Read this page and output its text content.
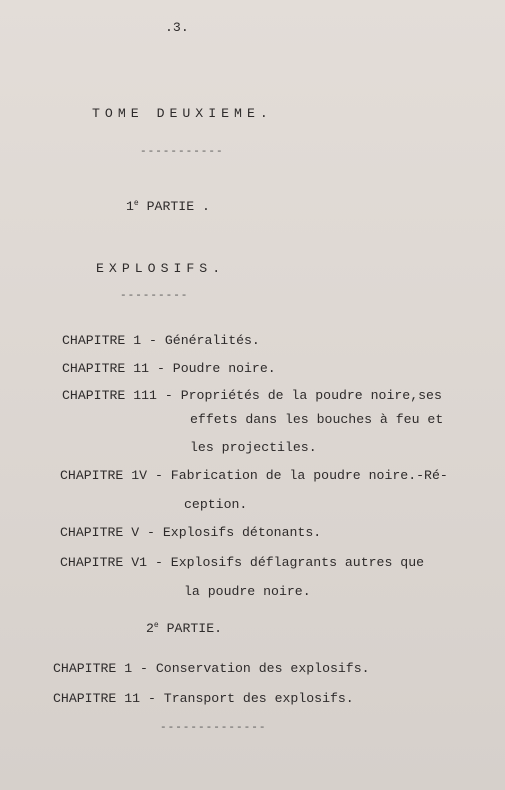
.3.
TOME DEUXIEME.
-----------
1e PARTIE .
EXPLOSIFS.
---------
CHAPITRE 1 - Généralités.
CHAPITRE 11 - Poudre noire.
CHAPITRE 111 - Propriétés de la poudre noire,ses
effets dans les bouches à feu et
les projectiles.
CHAPITRE 1V - Fabrication de la poudre noire.-Ré-
ception.
CHAPITRE V - Explosifs détonants.
CHAPITRE V1 - Explosifs déflagrants autres que
la poudre noire.
2e PARTIE.
CHAPITRE 1 - Conservation des explosifs.
CHAPITRE 11 - Transport des explosifs.
--------------
